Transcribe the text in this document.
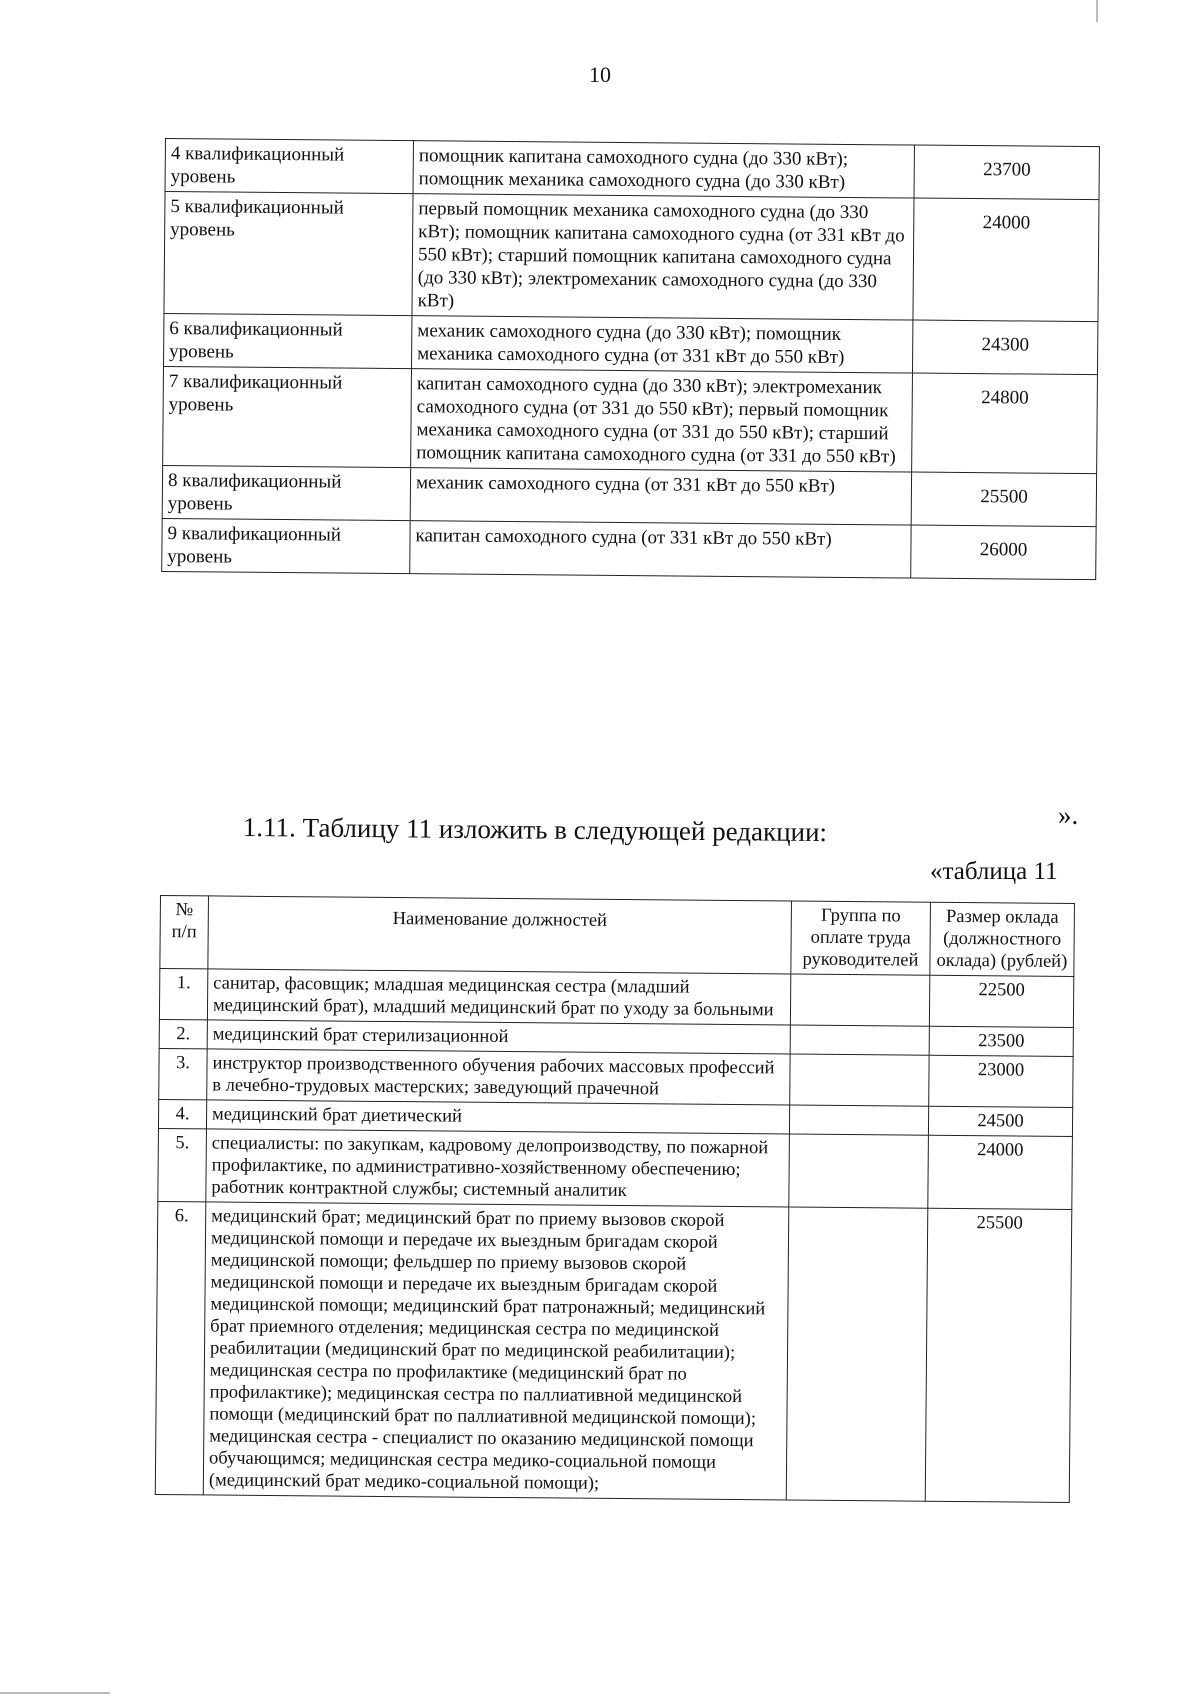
10
4 квалификационный уровень	помощник капитана самоходного судна (до 330 кВт); помощник механика самоходного судна (до 330 кВт)	23700
5 квалификационный уровень	первый помощник механика самоходного судна (до 330 кВт); помощник капитана самоходного судна (от 331 кВт до 550 кВт); старший помощник капитана самоходного судна (до 330 кВт); электромеханик самоходного судна (до 330 кВт)	24000
6 квалификационный уровень	механик самоходного судна (до 330 кВт); помощник механика самоходного судна (от 331 кВт до 550 кВт)	24300
7 квалификационный уровень	капитан самоходного судна (до 330 кВт); электромеханик самоходного судна (от 331 до 550 кВт); первый помощник механика самоходного судна (от 331 до 550 кВт); старший помощник капитана самоходного судна (от 331 до 550 кВт)	24800
8 квалификационный уровень	механик самоходного судна (от 331 кВт до 550 кВт)	25500
9 квалификационный уровень	капитан самоходного судна (от 331 кВт до 550 кВт)	26000
1.11. Таблицу 11 изложить в следующей редакции:	».
«таблица 11
№ п/п	Наименование должностей	Группа по оплате труда руководителей	Размер оклада (должностного оклада) (рублей)
1.	санитар, фасовщик; младшая медицинская сестра (младший медицинский брат), младший медицинский брат по уходу за больными		22500
2.	медицинский брат стерилизационной		23500
3.	инструктор производственного обучения рабочих массовых профессий в лечебно-трудовых мастерских; заведующий прачечной		23000
4.	медицинский брат диетический		24500
5.	специалисты: по закупкам, кадровому делопроизводству, по пожарной профилактике, по административно-хозяйственному обеспечению; работник контрактной службы; системный аналитик		24000
6.	медицинский брат; медицинский брат по приему вызовов скорой медицинской помощи и передаче их выездным бригадам скорой медицинской помощи; фельдшер по приему вызовов скорой медицинской помощи и передаче их выездным бригадам скорой медицинской помощи; медицинский брат патронажный; медицинский брат приемного отделения; медицинская сестра по медицинской реабилитации (медицинский брат по медицинской реабилитации); медицинская сестра по профилактике (медицинский брат по профилактике); медицинская сестра по паллиативной медицинской помощи (медицинский брат по паллиативной медицинской помощи); медицинская сестра - специалист по оказанию медицинской помощи обучающимся; медицинская сестра медико-социальной помощи (медицинский брат медико-социальной помощи);		25500
